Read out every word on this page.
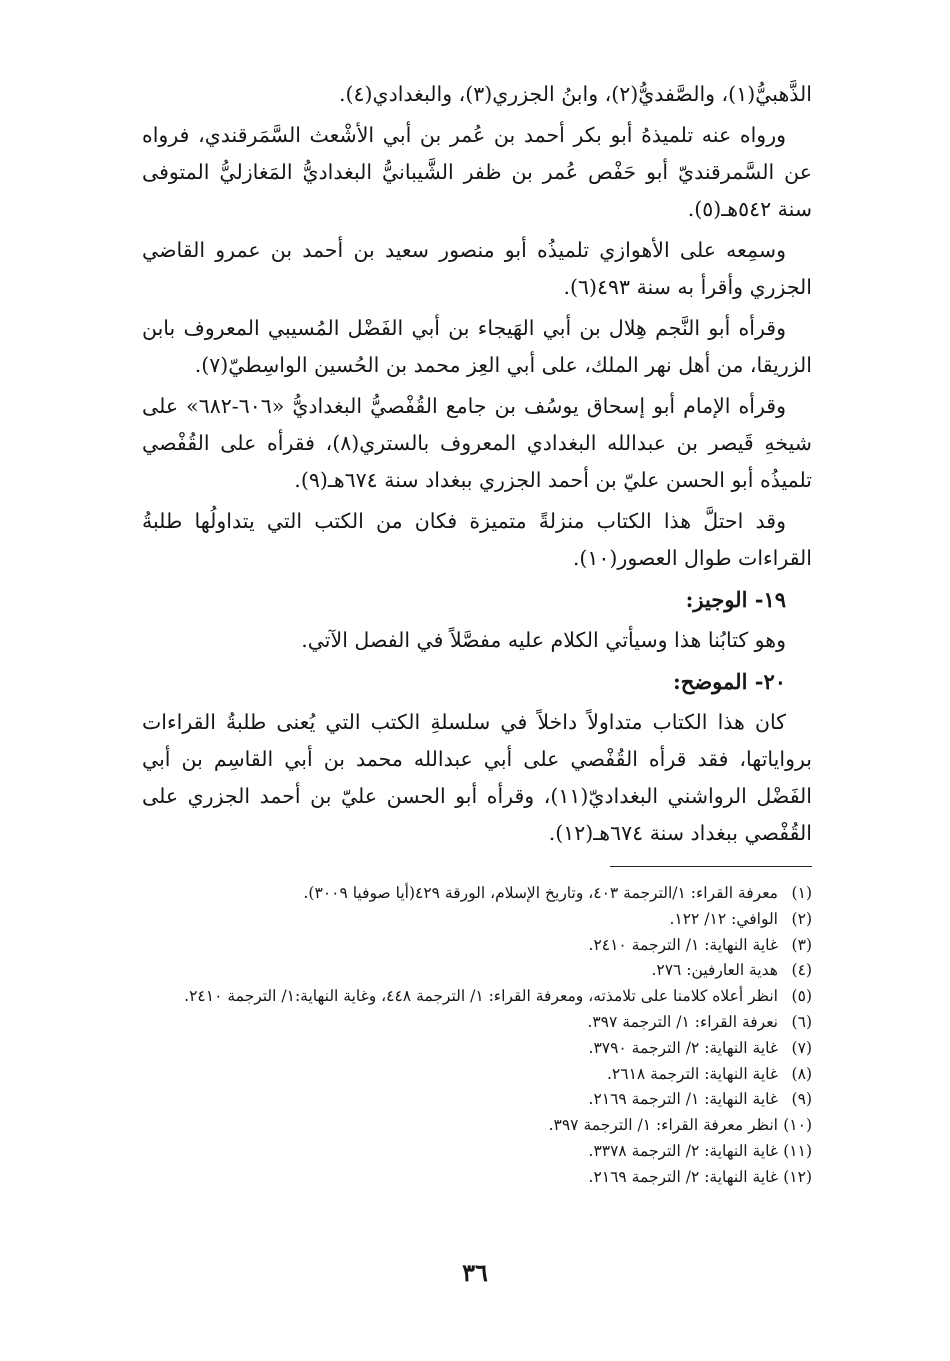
الذَّهبيُّ(١)، والصَّفديُّ(٢)، وابنُ الجزري(٣)، والبغدادي(٤).

ورواه عنه تلميذهُ أبو بكر أحمد بن عُمر بن أبي الأشْعث السَّمَرقندي، فرواه عن السَّمرقنديّ أبو حَفْص عُمر بن ظفر الشَّيبانيُّ البغداديُّ المَغازليُّ المتوفى سنة ٥٤٢هـ(٥).

وسمِعه على الأهوازي تلميذُه أبو منصور سعيد بن أحمد بن عمرو القاضي الجزري وأقرأ به سنة ٤٩٣(٦).

وقرأه أبو النَّجم هِلال بن أبي الهَيجاء بن أبي الفَضْل المُسيبي المعروف بابن الزريقا، من أهل نهر الملك، على أبي العِز محمد بن الحُسين الواسِطيّ(٧).

وقرأه الإمام أبو إسحاق يوسُف بن جامع القُفْصيُّ البغداديُّ «٦٠٦-٦٨٢» على شيخهِ قَيصر بن عبدالله البغدادي المعروف بالستري(٨)، فقرأه على القُفْصي تلميذُه أبو الحسن عليّ بن أحمد الجزري ببغداد سنة ٦٧٤هـ(٩).

وقد احتلَّ هذا الكتاب منزلةً متميزة فكان من الكتب التي يتداولُها طلبةُ القراءات طوال العصور(١٠).

١٩- الوجيز:

وهو كتابُنا هذا وسيأتي الكلام عليه مفصَّلاً في الفصل الآتي.

٢٠- الموضح:

كان هذا الكتاب متداولاً داخلاً في سلسلةِ الكتب التي يُعنى طلبةُ القراءات برواياتها، فقد قرأه القُفْصي على أبي عبدالله محمد بن أبي القاسِم بن أبي الفَضْل الرواشني البغداديّ(١١)، وقرأه أبو الحسن عليّ بن أحمد الجزري على القُفْصي ببغداد سنة ٦٧٤هـ(١٢).

(١)
معرفة القراء: ١/الترجمة ٤٠٣، وتاريخ الإسلام، الورقة ٤٢٩(أيا صوفيا ٣٠٠٩).
(٢)
الوافي: ١٢/ ١٢٢.
(٣)
غاية النهاية: ١/ الترجمة ٢٤١٠.
(٤)
هدية العارفين: ٢٧٦.
(٥)
انظر أعلاه كلامنا على تلامذته، ومعرفة القراء: ١/ الترجمة ٤٤٨، وغاية النهاية:١/ الترجمة ٢٤١٠.
(٦)
نعرفة القراء: ١/ الترجمة ٣٩٧.
(٧)
غاية النهاية: ٢/ الترجمة ٣٧٩٠.
(٨)
غاية النهاية: الترجمة ٢٦١٨.
(٩)
غاية النهاية: ١/ الترجمة ٢١٦٩.
(١٠)
انظر معرفة القراء: ١/ الترجمة ٣٩٧.
(١١)
غاية النهاية: ٢/ الترجمة ٣٣٧٨.
(١٢)
غاية النهاية: ٢/ الترجمة ٢١٦٩.
٣٦
